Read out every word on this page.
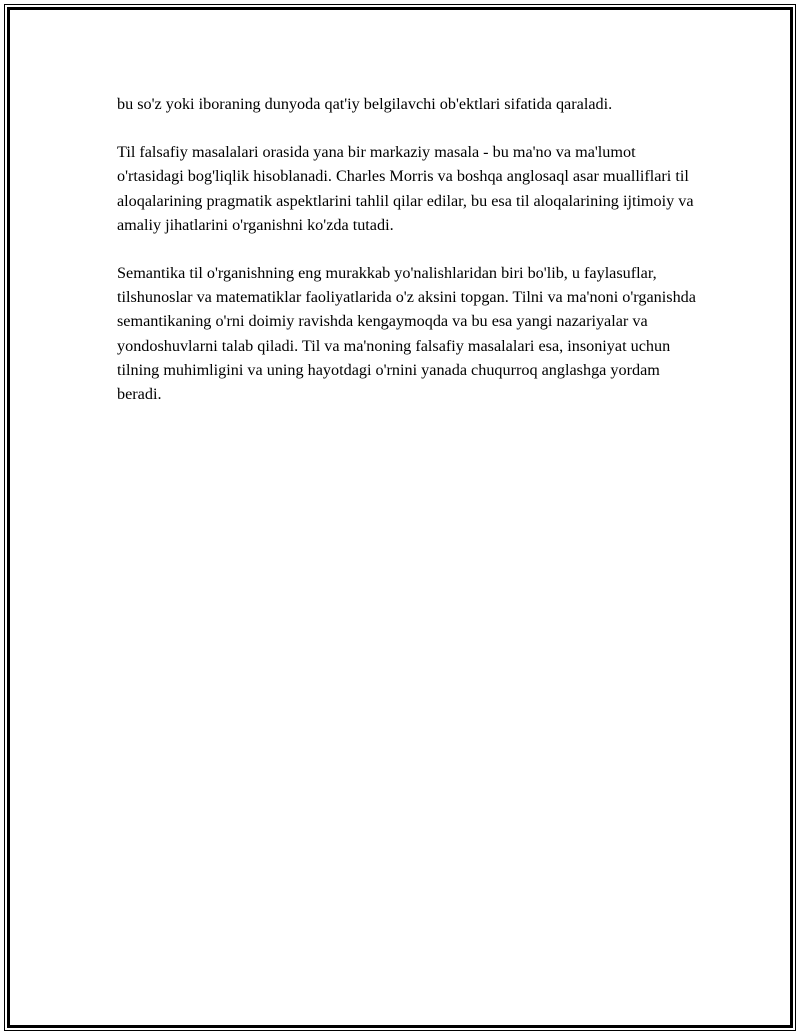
bu so'z yoki iboraning dunyoda qat'iy belgilavchi ob'ektlari sifatida qaraladi.

Til falsafiy masalalari orasida yana bir markaziy masala - bu ma'no va ma'lumot o'rtasidagi bog'liqlik hisoblanadi. Charles Morris va boshqa anglosaql asar mualliflari til aloqalarining pragmatik aspektlarini tahlil qilar edilar, bu esa til aloqalarining ijtimoiy va amaliy jihatlarini o'rganishni ko'zda tutadi.

Semantika til o'rganishning eng murakkab yo'nalishlaridan biri bo'lib, u faylasuflar, tilshunoslar va matematiklar faoliyatlarida o'z aksini topgan. Tilni va ma'noni o'rganishda semantikaning o'rni doimiy ravishda kengaymoqda va bu esa yangi nazariyalar va yondoshuvlarni talab qiladi. Til va ma'noning falsafiy masalalari esa, insoniyat uchun tilning muhimligini va uning hayotdagi o'rnini yanada chuqurroq anglashga yordam beradi.
